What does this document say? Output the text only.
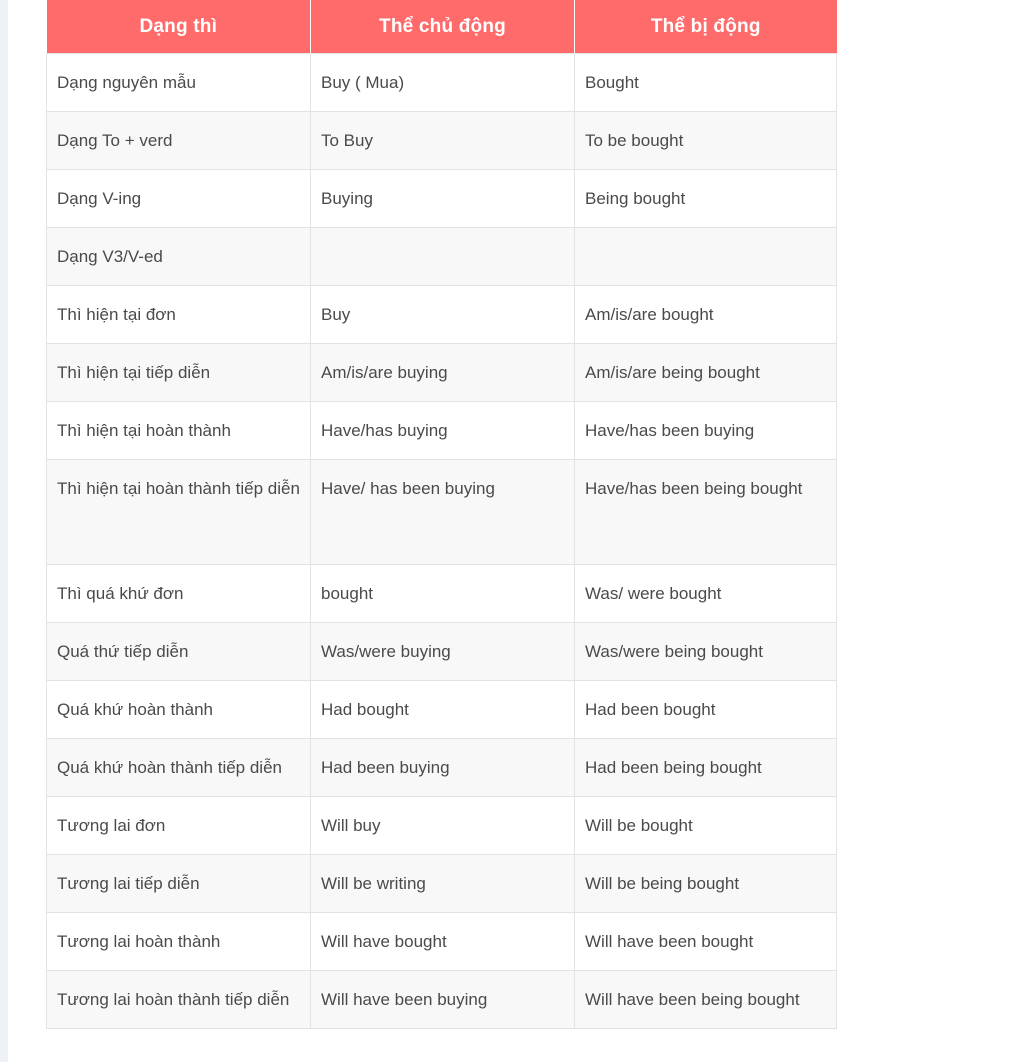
Dạng thì	Thể chủ động	Thể bị động
Dạng nguyên mẫu	Buy ( Mua)	Bought
Dạng To + verd	To Buy	To be bought
Dạng V-ing	Buying	Being bought
Dạng V3/V-ed		
Thì hiện tại đơn	Buy	Am/is/are bought
Thì hiện tại tiếp diễn	Am/is/are buying	Am/is/are being bought
Thì hiện tại hoàn thành	Have/has buying	Have/has been buying
Thì hiện tại hoàn thành tiếp diễn	Have/ has been buying	Have/has been being bought
Thì quá khứ đơn	bought	Was/ were bought
Quá thứ tiếp diễn	Was/were buying	Was/were being bought
Quá khứ hoàn thành	Had bought	Had been bought
Quá khứ hoàn thành tiếp diễn	Had been buying	Had been being bought
Tương lai đơn	Will buy	Will be bought
Tương lai tiếp diễn	Will be writing	Will be being bought
Tương lai hoàn thành	Will have bought	Will have been bought
Tương lai hoàn thành tiếp diễn	Will have been buying	Will have been being bought
